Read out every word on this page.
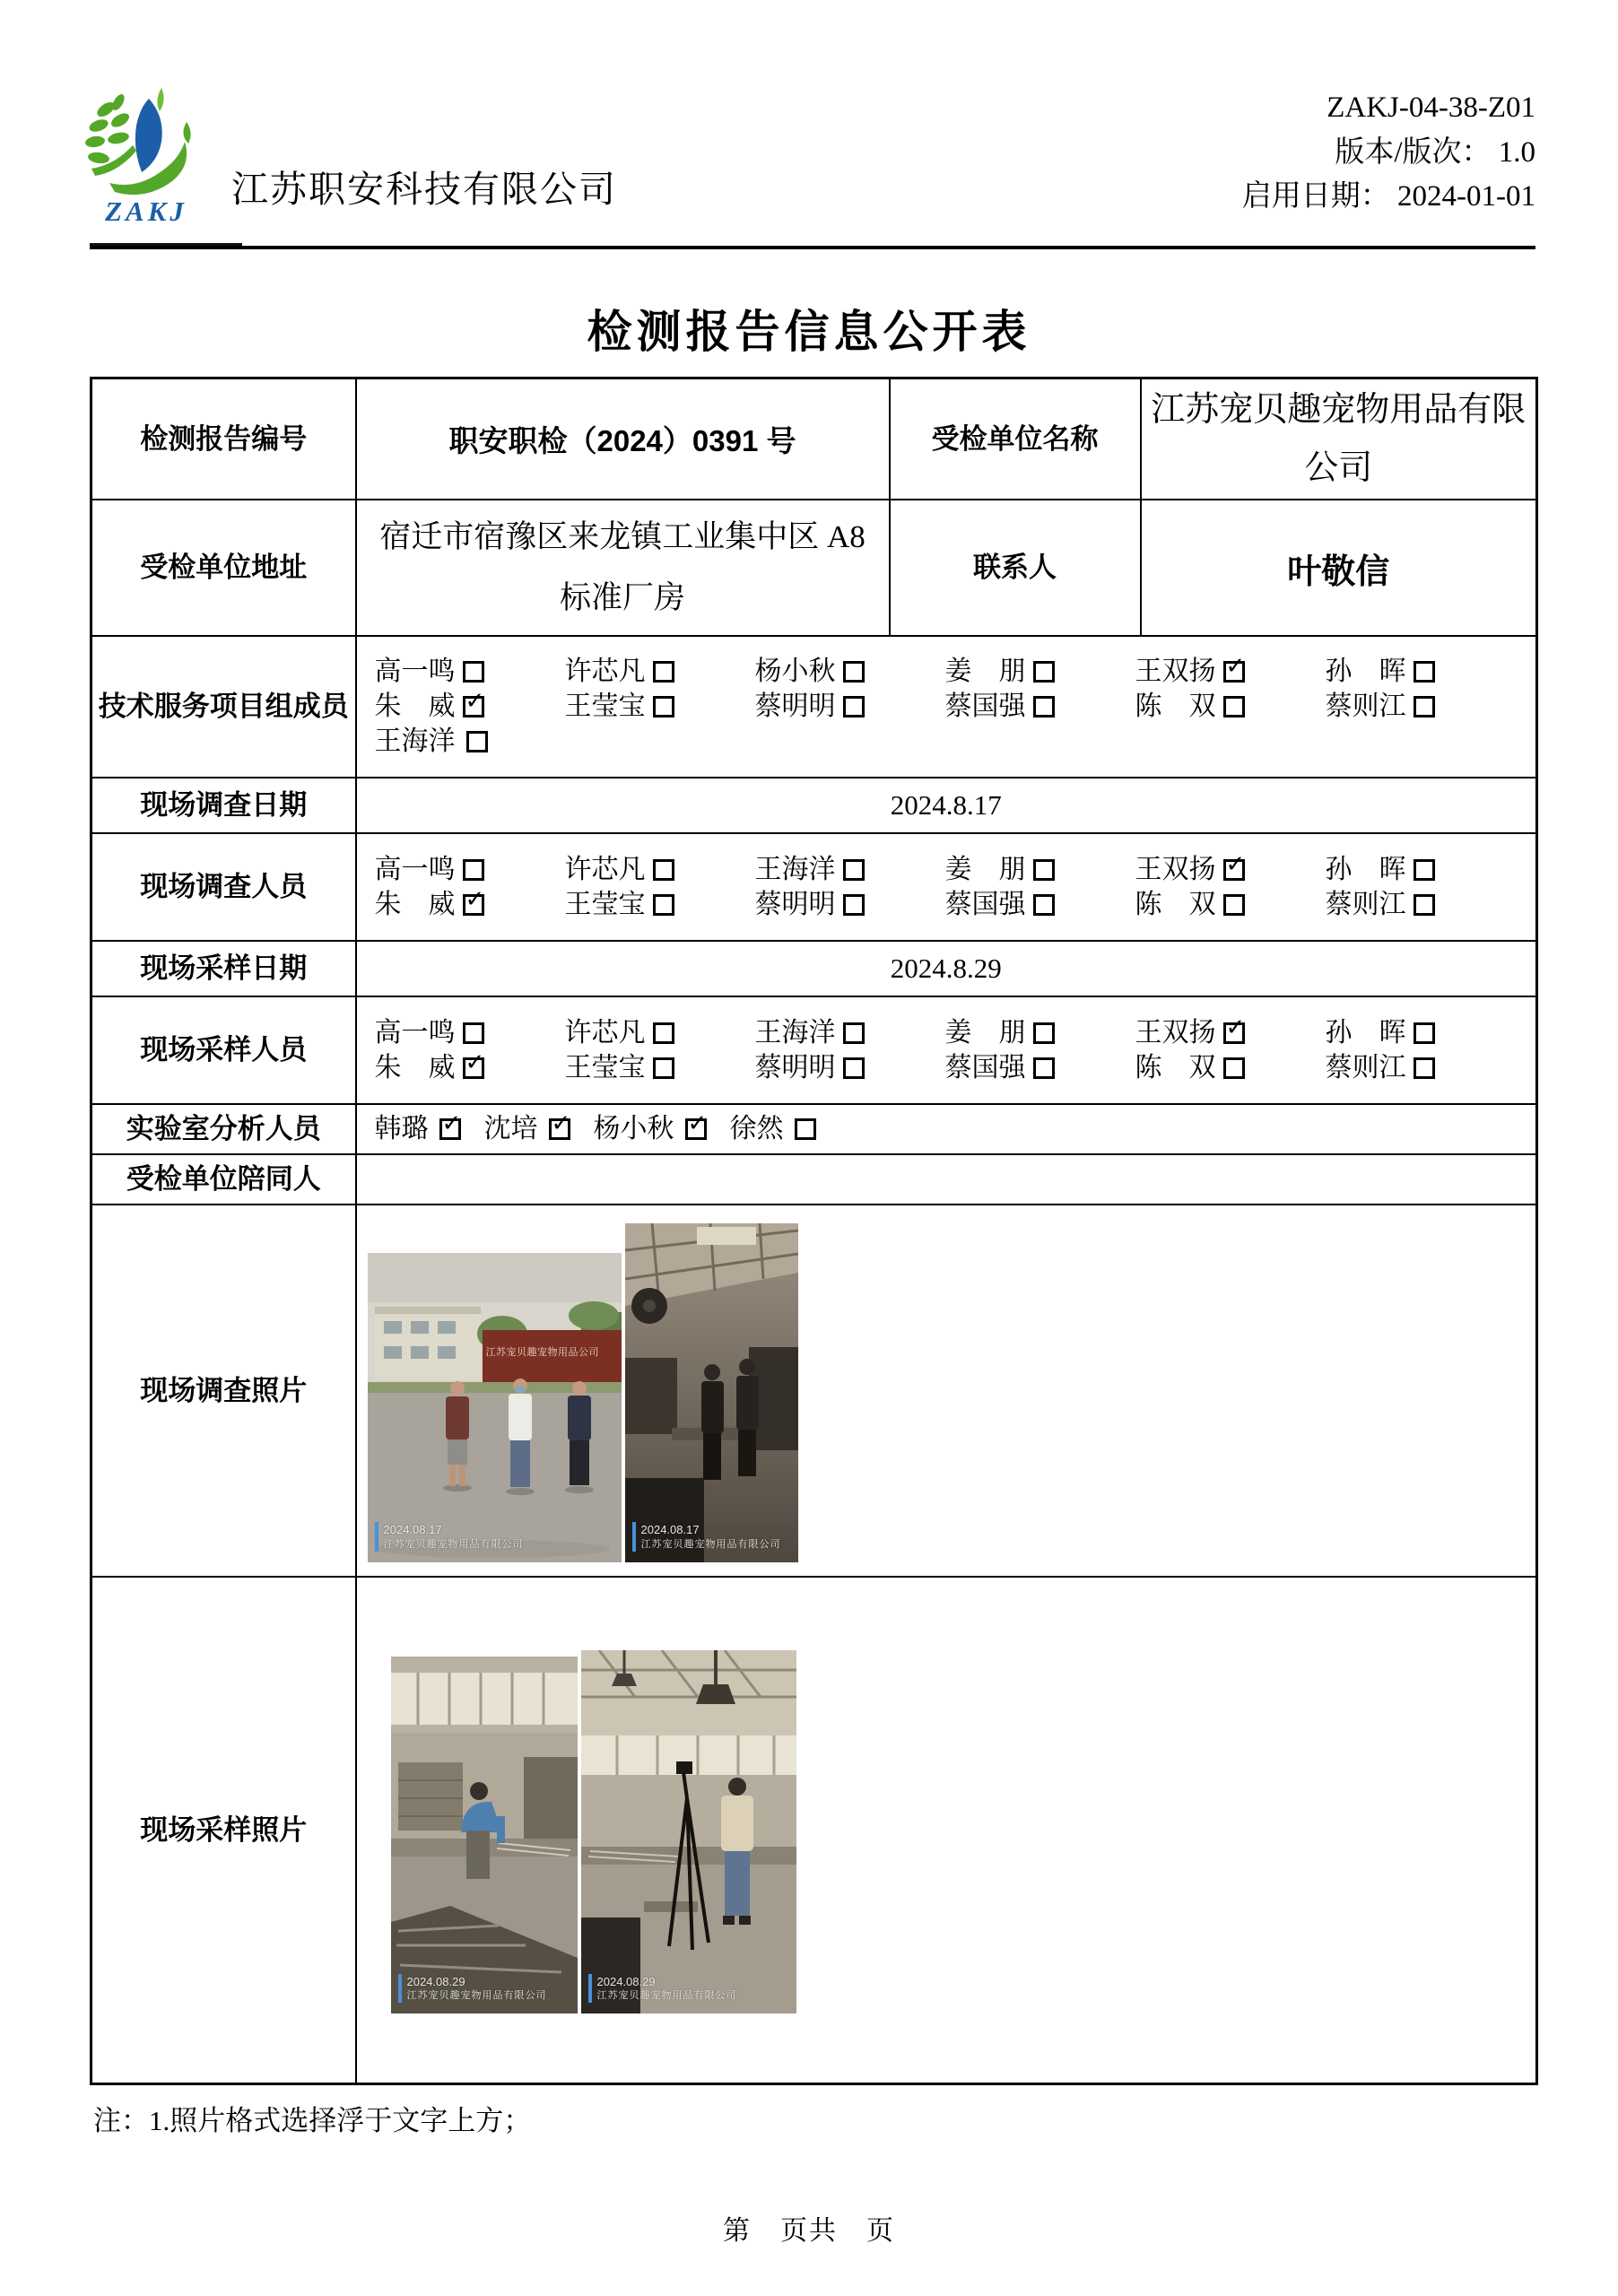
ZAKJ
江苏职安科技有限公司
ZAKJ-04-38-Z01
版本/版次： 1.0
启用日期： 2024-01-01
检测报告信息公开表
检测报告编号	职安职检（2024）0391 号	受检单位名称	江苏宠贝趣宠物用品有限公司
受检单位地址	宿迁市宿豫区来龙镇工业集中区 A8 标准厂房	联系人	叶敬信
技术服务项目组成员	
高一鸣	许芯凡	杨小秋	姜　朋	王双扬 ✓	孙　晖
朱　威 ✓	王莹宝	蔡明明	蔡国强	陈　双	蔡则江
王海洋

现场调查日期	2024.8.17		
现场调查人员	
高一鸣	许芯凡	王海洋	姜　朋	王双扬 ✓	孙　晖
朱　威 ✓	王莹宝	蔡明明	蔡国强	陈　双	蔡则江

现场采样日期	2024.8.29		
现场采样人员	
高一鸣	许芯凡	王海洋	姜　朋	王双扬 ✓	孙　晖
朱　威 ✓	王莹宝	蔡明明	蔡国强	陈　双	蔡则江

实验室分析人员	韩璐 ✓ 沈培 ✓ 杨小秋 ✓ 徐然

受检单位陪同人			
现场调查照片	江苏宠贝趣宠物用品公司
2024.08.17
江苏宠贝趣宠物用品有限公司
2024.08.17
江苏宠贝趣宠物用品有限公司		

现场采样照片	2024.08.29
江苏宠贝趣宠物用品有限公司
2024.08.29
江苏宠贝趣宠物用品有限公司		
注：1.照片格式选择浮于文字上方；
第　页共　页
